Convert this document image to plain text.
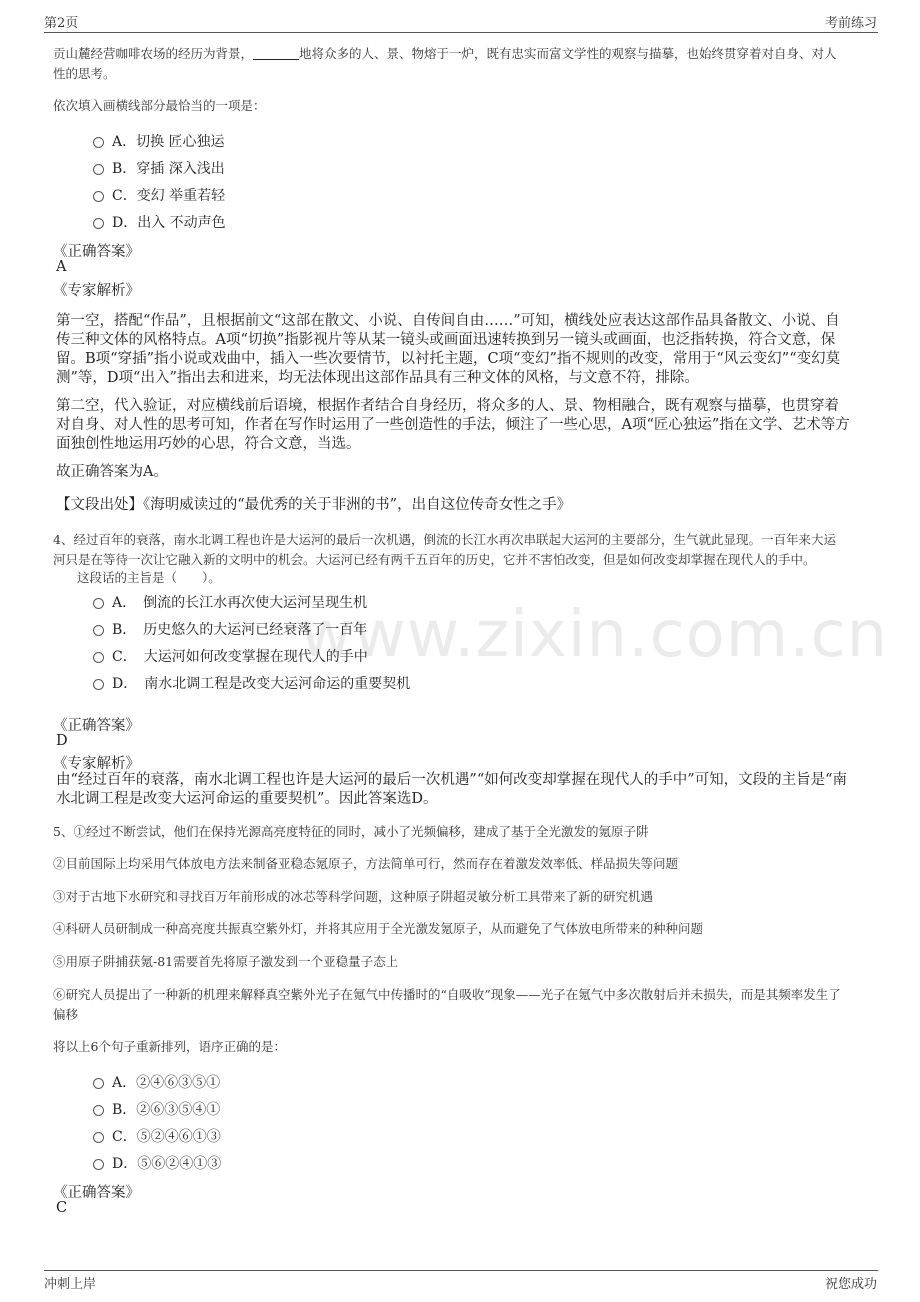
第2页	考前练习
www.zixin.com.cn
贡山麓经营咖啡农场的经历为背景，	地将众多的人、景、物熔于一炉，既有忠实而富文学性的观察与描摹，也始终贯穿着对自身、对人
性的思考。
依次填入画横线部分最恰当的一项是：
A．切换 匠心独运
B．穿插 深入浅出
C．变幻 举重若轻
D．出入 不动声色
《正确答案》
A
《专家解析》
第一空，搭配“作品”，且根据前文“这部在散文、小说、自传间自由……”可知，横线处应表达这部作品具备散文、小说、自
传三种文体的风格特点。A项“切换”指影视片等从某一镜头或画面迅速转换到另一镜头或画面，也泛指转换，符合文意，保
留。B项“穿插”指小说或戏曲中，插入一些次要情节，以衬托主题，C项“变幻”指不规则的改变，常用于“风云变幻”“变幻莫
测”等，D项“出入”指出去和进来，均无法体现出这部作品具有三种文体的风格，与文意不符，排除。
第二空，代入验证，对应横线前后语境，根据作者结合自身经历，将众多的人、景、物相融合，既有观察与描摹，也贯穿着
对自身、对人性的思考可知，作者在写作时运用了一些创造性的手法，倾注了一些心思，A项“匠心独运”指在文学、艺术等方
面独创性地运用巧妙的心思，符合文意，当选。
故正确答案为A。
【文段出处】《海明威读过的“最优秀的关于非洲的书”，出自这位传奇女性之手》
4、经过百年的衰落，南水北调工程也许是大运河的最后一次机遇，倒流的长江水再次串联起大运河的主要部分，生气就此显现。一百年来大运
河只是在等待一次让它融入新的文明中的机会。大运河已经有两千五百年的历史，它并不害怕改变，但是如何改变却掌握在现代人的手中。
这段话的主旨是（　　）。
A．　倒流的长江水再次使大运河呈现生机
B．　历史悠久的大运河已经衰落了一百年
C．　大运河如何改变掌握在现代人的手中
D．　南水北调工程是改变大运河命运的重要契机
《正确答案》
D
《专家解析》
由“经过百年的衰落，南水北调工程也许是大运河的最后一次机遇”“如何改变却掌握在现代人的手中”可知，文段的主旨是“南
水北调工程是改变大运河命运的重要契机”。因此答案选D。
5、①经过不断尝试，他们在保持光源高亮度特征的同时，减小了光频偏移，建成了基于全光激发的氪原子阱
②目前国际上均采用气体放电方法来制备亚稳态氪原子，方法简单可行，然而存在着激发效率低、样品损失等问题
③对于古地下水研究和寻找百万年前形成的冰芯等科学问题，这种原子阱超灵敏分析工具带来了新的研究机遇
④科研人员研制成一种高亮度共振真空紫外灯，并将其应用于全光激发氪原子，从而避免了气体放电所带来的种种问题
⑤用原子阱捕获氪-81需要首先将原子激发到一个亚稳量子态上
⑥研究人员提出了一种新的机理来解释真空紫外光子在氪气中传播时的“自吸收”现象——光子在氪气中多次散射后并未损失，而是其频率发生了
偏移
将以上6个句子重新排列，语序正确的是：
A．②④⑥③⑤①
B．②⑥③⑤④①
C．⑤②④⑥①③
D．⑤⑥②④①③
《正确答案》
C
冲刺上岸	祝您成功
